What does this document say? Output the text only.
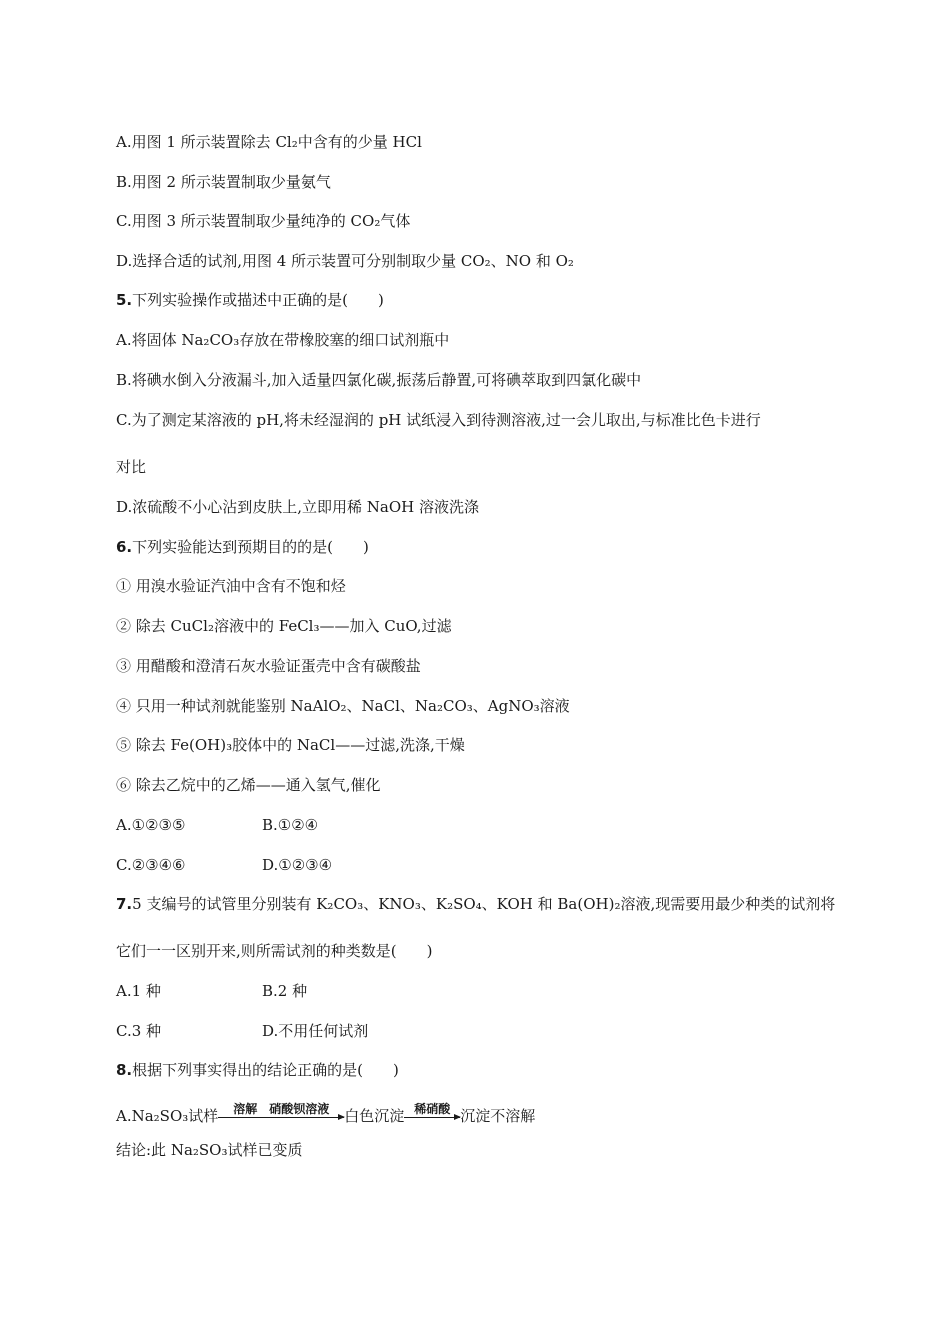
A.用图 1 所示装置除去 Cl₂中含有的少量 HCl
B.用图 2 所示装置制取少量氨气
C.用图 3 所示装置制取少量纯净的 CO₂气体
D.选择合适的试剂,用图 4 所示装置可分别制取少量 CO₂、NO 和 O₂
5.下列实验操作或描述中正确的是(　　)
A.将固体 Na₂CO₃存放在带橡胶塞的细口试剂瓶中
B.将碘水倒入分液漏斗,加入适量四氯化碳,振荡后静置,可将碘萃取到四氯化碳中
C.为了测定某溶液的 pH,将未经湿润的 pH 试纸浸入到待测溶液,过一会儿取出,与标准比色卡进行
对比
D.浓硫酸不小心沾到皮肤上,立即用稀 NaOH 溶液洗涤
6.下列实验能达到预期目的的是(　　)
① 用溴水验证汽油中含有不饱和烃
② 除去 CuCl₂溶液中的 FeCl₃——加入 CuO,过滤
③ 用醋酸和澄清石灰水验证蛋壳中含有碳酸盐
④ 只用一种试剂就能鉴别 NaAlO₂、NaCl、Na₂CO₃、AgNO₃溶液
⑤ 除去 Fe(OH)₃胶体中的 NaCl——过滤,洗涤,干燥
⑥ 除去乙烷中的乙烯——通入氢气,催化
A.①②③⑤	B.①②④
C.②③④⑥	D.①②③④
7.5 支编号的试管里分别装有 K₂CO₃、KNO₃、K₂SO₄、KOH 和 Ba(OH)₂溶液,现需要用最少种类的试剂将
它们一一区别开来,则所需试剂的种类数是(　　)
A.1 种	B.2 种
C.3 种	D.不用任何试剂
8.根据下列事实得出的结论正确的是(　　)
A.Na₂SO₃试样	溶解　硝酸钡溶液	白色沉淀 稀硝酸 沉淀不溶解
结论:此 Na₂SO₃试样已变质
